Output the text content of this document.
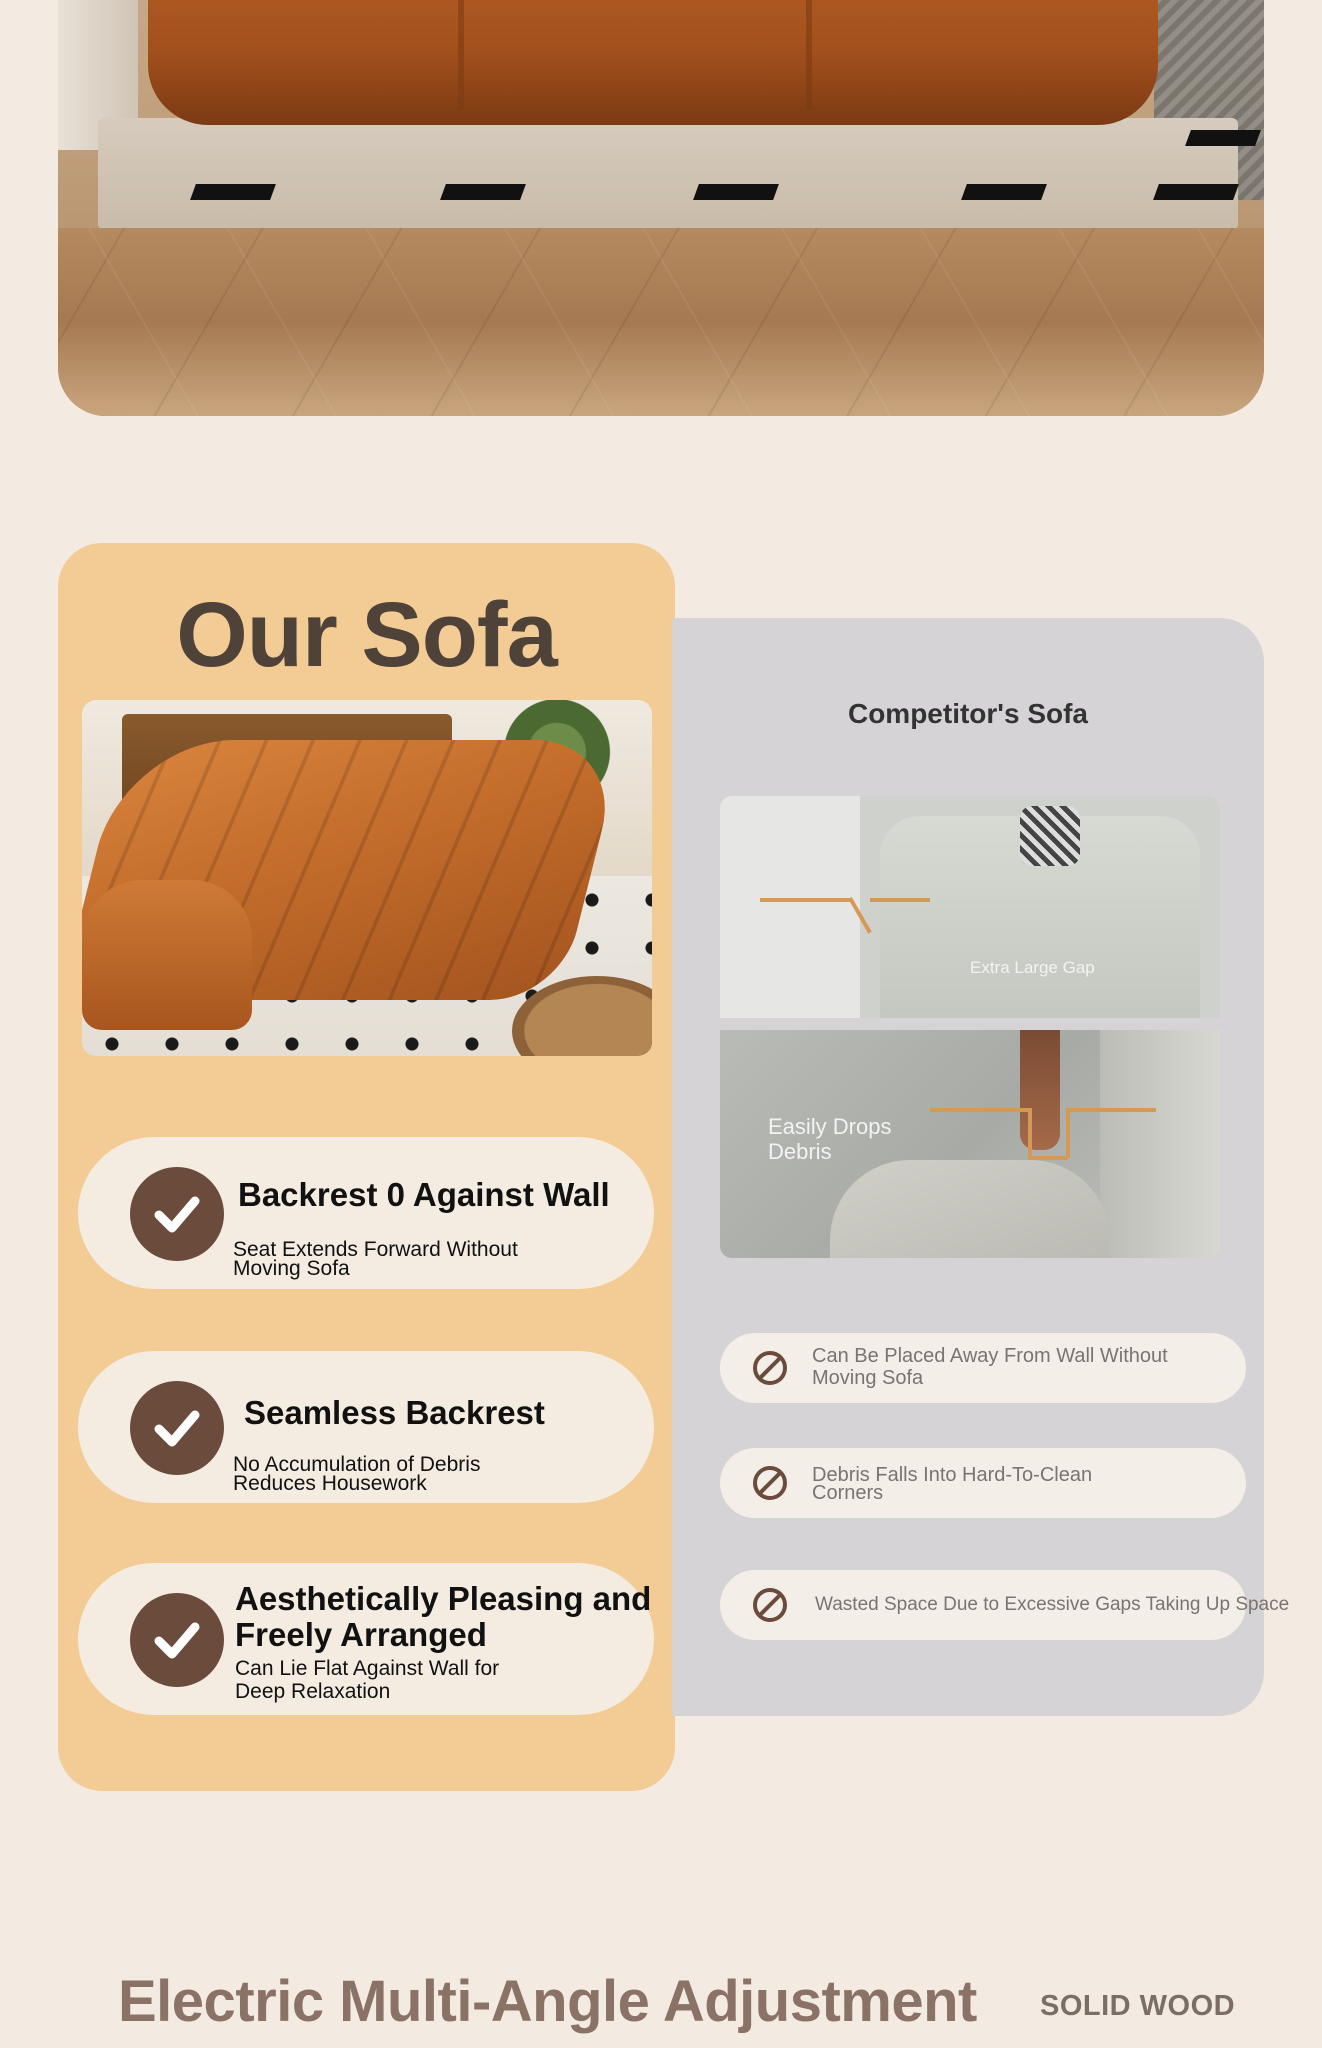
Our Sofa
Backrest 0 Against Wall
Seat Extends Forward Without
Moving Sofa
Seamless Backrest
No Accumulation of Debris
Reduces Housework
Aesthetically Pleasing and
Freely Arranged
Can Lie Flat Against Wall for
Deep Relaxation
Competitor's Sofa
Extra Large Gap
Easily Drops
Debris
Can Be Placed Away From Wall Without
Moving Sofa
Debris Falls Into Hard-To-Clean
Corners
Wasted Space Due to Excessive Gaps Taking Up Space
Electric Multi-Angle Adjustment SOLID WOOD
